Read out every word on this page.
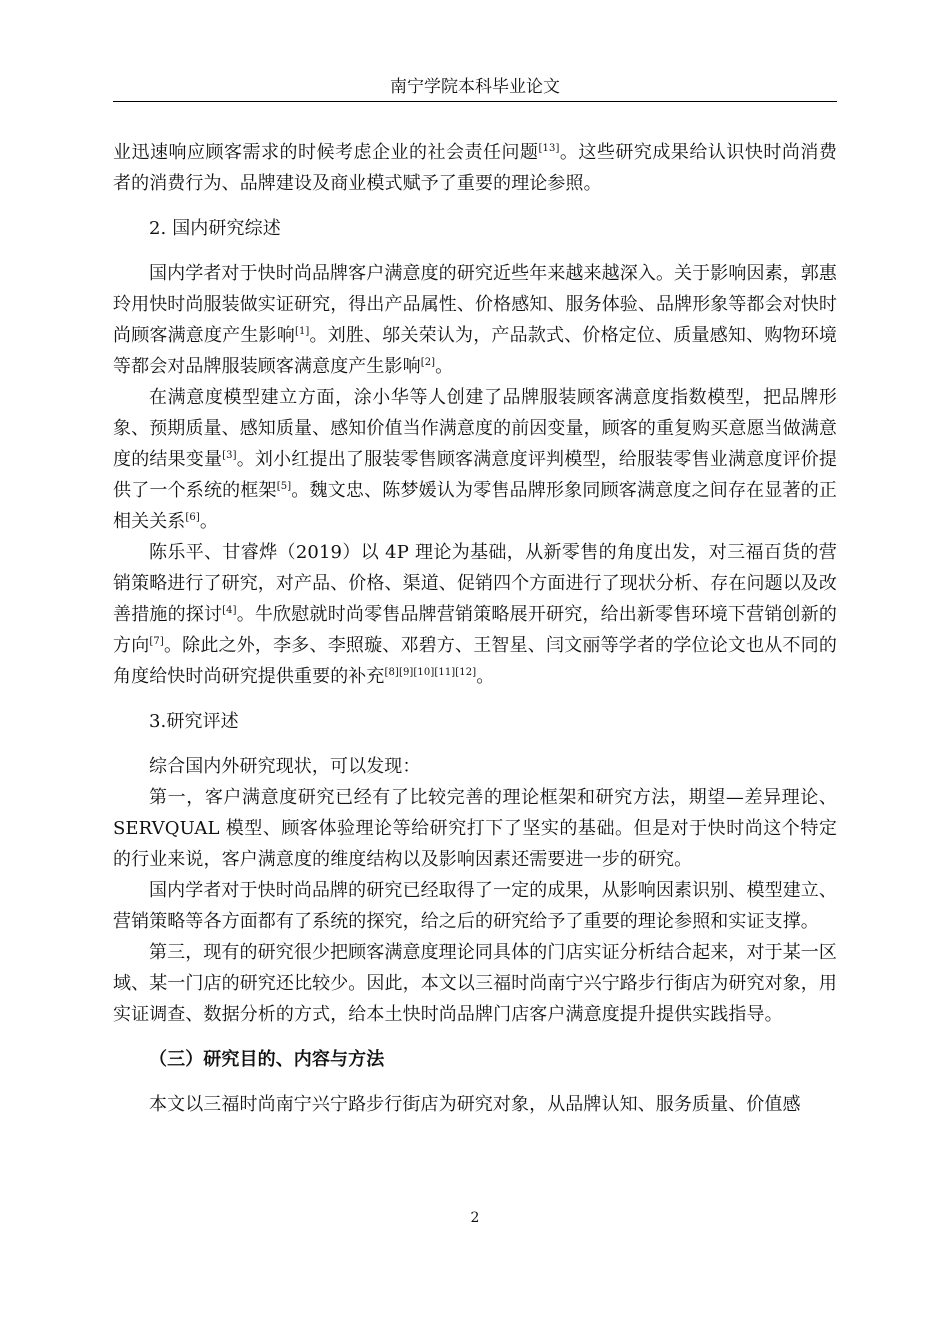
南宁学院本科毕业论文

业迅速响应顾客需求的时候考虑企业的社会责任问题[13]。这些研究成果给认识快时尚消费者的消费行为、品牌建设及商业模式赋予了重要的理论参照。

2. 国内研究综述

国内学者对于快时尚品牌客户满意度的研究近些年来越来越深入。关于影响因素，郭惠玲用快时尚服装做实证研究，得出产品属性、价格感知、服务体验、品牌形象等都会对快时尚顾客满意度产生影响[1]。刘胜、邬关荣认为，产品款式、价格定位、质量感知、购物环境等都会对品牌服装顾客满意度产生影响[2]。

在满意度模型建立方面，涂小华等人创建了品牌服装顾客满意度指数模型，把品牌形象、预期质量、感知质量、感知价值当作满意度的前因变量，顾客的重复购买意愿当做满意度的结果变量[3]。刘小红提出了服装零售顾客满意度评判模型，给服装零售业满意度评价提供了一个系统的框架[5]。魏文忠、陈梦媛认为零售品牌形象同顾客满意度之间存在显著的正相关关系[6]。

陈乐平、甘睿烨（2019）以 4P 理论为基础，从新零售的角度出发，对三福百货的营销策略进行了研究，对产品、价格、渠道、促销四个方面进行了现状分析、存在问题以及改善措施的探讨[4]。牛欣慰就时尚零售品牌营销策略展开研究，给出新零售环境下营销创新的方向[7]。除此之外，李多、李照璇、邓碧方、王智星、闫文丽等学者的学位论文也从不同的角度给快时尚研究提供重要的补充[8][9][10][11][12]。

3.研究评述

综合国内外研究现状，可以发现：

第一，客户满意度研究已经有了比较完善的理论框架和研究方法，期望—差异理论、SERVQUAL 模型、顾客体验理论等给研究打下了坚实的基础。但是对于快时尚这个特定的行业来说，客户满意度的维度结构以及影响因素还需要进一步的研究。

国内学者对于快时尚品牌的研究已经取得了一定的成果，从影响因素识别、模型建立、营销策略等各方面都有了系统的探究，给之后的研究给予了重要的理论参照和实证支撑。

第三，现有的研究很少把顾客满意度理论同具体的门店实证分析结合起来，对于某一区域、某一门店的研究还比较少。因此，本文以三福时尚南宁兴宁路步行街店为研究对象，用实证调查、数据分析的方式，给本土快时尚品牌门店客户满意度提升提供实践指导。

（三）研究目的、内容与方法

本文以三福时尚南宁兴宁路步行街店为研究对象，从品牌认知、服务质量、价值感

2
